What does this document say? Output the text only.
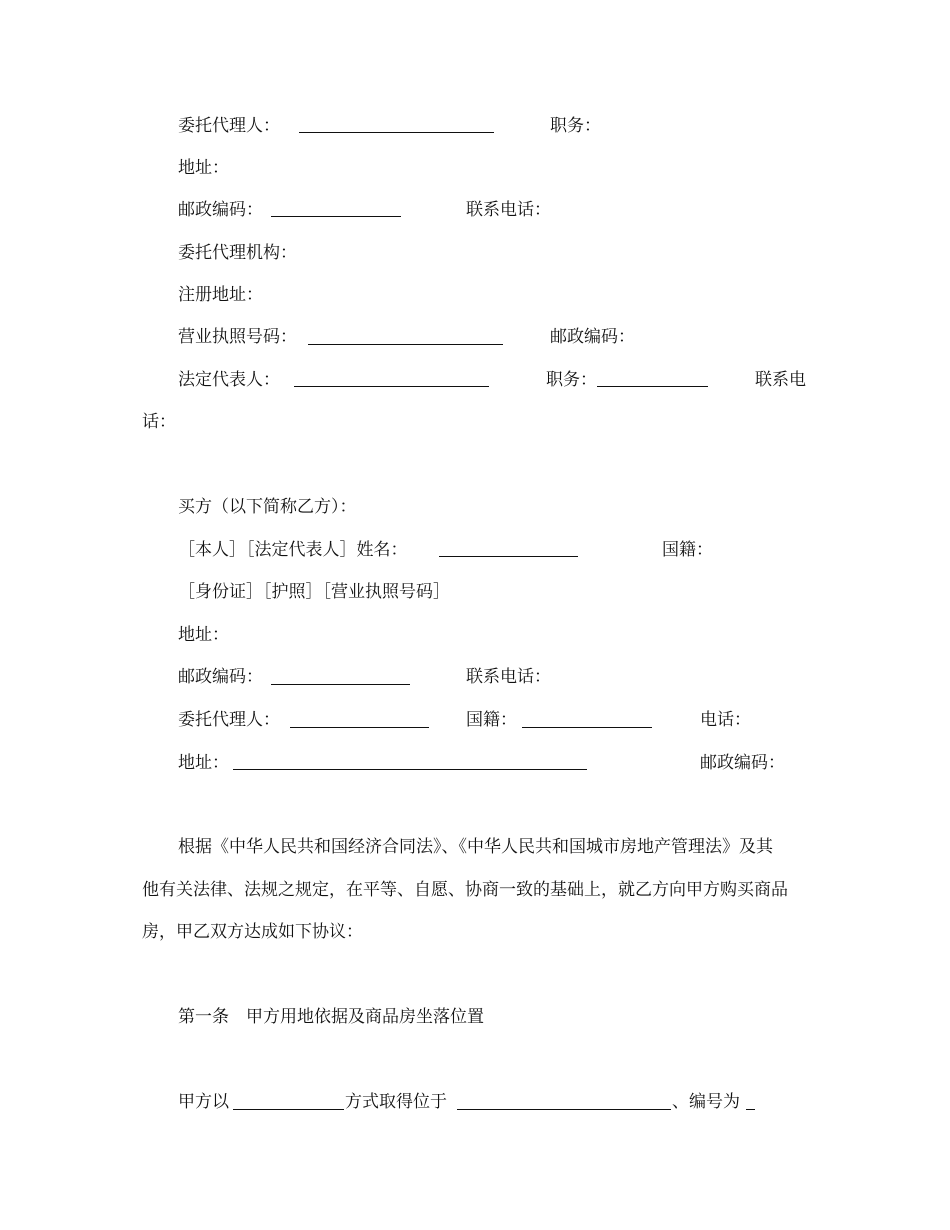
委托代理人：	职务：
地址：
邮政编码：	联系电话：
委托代理机构：
注册地址：
营业执照号码：	邮政编码：
法定代表人：	职务：	联系电
话：
买方（以下简称乙方）：
［本人］［法定代表人］姓名：	国籍：
［身份证］［护照］［营业执照号码］
地址：
邮政编码：	联系电话：
委托代理人：	国籍：	电话：
地址：	邮政编码：
根据《中华人民共和国经济合同法》、《中华人民共和国城市房地产管理法》及其
他有关法律、法规之规定，在平等、自愿、协商一致的基础上，就乙方向甲方购买商品
房，甲乙双方达成如下协议：
第一条　甲方用地依据及商品房坐落位置
甲方以	方式取得位于	、编号为
